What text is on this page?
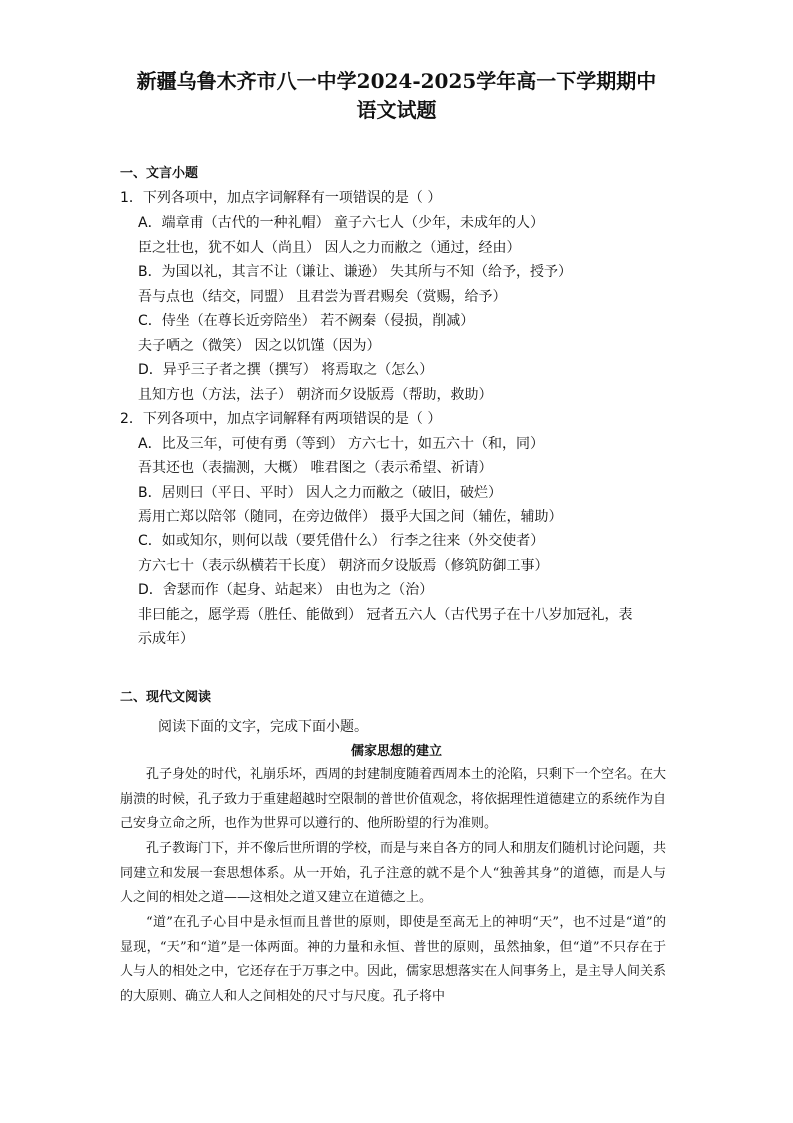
新疆乌鲁木齐市八一中学2024-2025学年高一下学期期中
语文试题
一、文言小题
1．下列各项中，加点字词解释有一项错误的是（ ）
A．端章甫（古代的一种礼帽） 童子六七人（少年，未成年的人）
臣之壮也，犹不如人（尚且） 因人之力而敝之（通过，经由）
B．为国以礼，其言不让（谦让、谦逊） 失其所与不知（给予，授予）
吾与点也（结交，同盟） 且君尝为晋君赐矣（赏赐，给予）
C．侍坐（在尊长近旁陪坐） 若不阙秦（侵损，削减）
夫子哂之（微笑） 因之以饥馑（因为）
D．异乎三子者之撰（撰写） 将焉取之（怎么）
且知方也（方法，法子） 朝济而夕设版焉（帮助，救助）
2．下列各项中，加点字词解释有两项错误的是（ ）
A．比及三年，可使有勇（等到） 方六七十，如五六十（和，同）
吾其还也（表揣测，大概） 唯君图之（表示希望、祈请）
B．居则曰（平日、平时） 因人之力而敝之（破旧，破烂）
焉用亡郑以陪邻（随同，在旁边做伴） 摄乎大国之间（辅佐，辅助）
C．如或知尔，则何以哉（要凭借什么） 行李之往来（外交使者）
方六七十（表示纵横若干长度） 朝济而夕设版焉（修筑防御工事）
D．舍瑟而作（起身、站起来） 由也为之（治）
非曰能之，愿学焉（胜任、能做到） 冠者五六人（古代男子在十八岁加冠礼，表
示成年）
二、现代文阅读
阅读下面的文字，完成下面小题。
儒家思想的建立
孔子身处的时代，礼崩乐坏，西周的封建制度随着西周本土的沦陷，只剩下一个空名。在大崩溃的时候，孔子致力于重建超越时空限制的普世价值观念，将依据理性道德建立的系统作为自己安身立命之所，也作为世界可以遵行的、他所盼望的行为准则。
孔子教诲门下，并不像后世所谓的学校，而是与来自各方的同人和朋友们随机讨论问题，共同建立和发展一套思想体系。从一开始，孔子注意的就不是个人“独善其身”的道德，而是人与人之间的相处之道——这相处之道又建立在道德之上。
“道”在孔子心目中是永恒而且普世的原则，即使是至高无上的神明“天”，也不过是“道”的显现，“天”和“道”是一体两面。神的力量和永恒、普世的原则，虽然抽象，但“道”不只存在于人与人的相处之中，它还存在于万事之中。因此，儒家思想落实在人间事务上，是主导人间关系的大原则、确立人和人之间相处的尺寸与尺度。孔子将中
